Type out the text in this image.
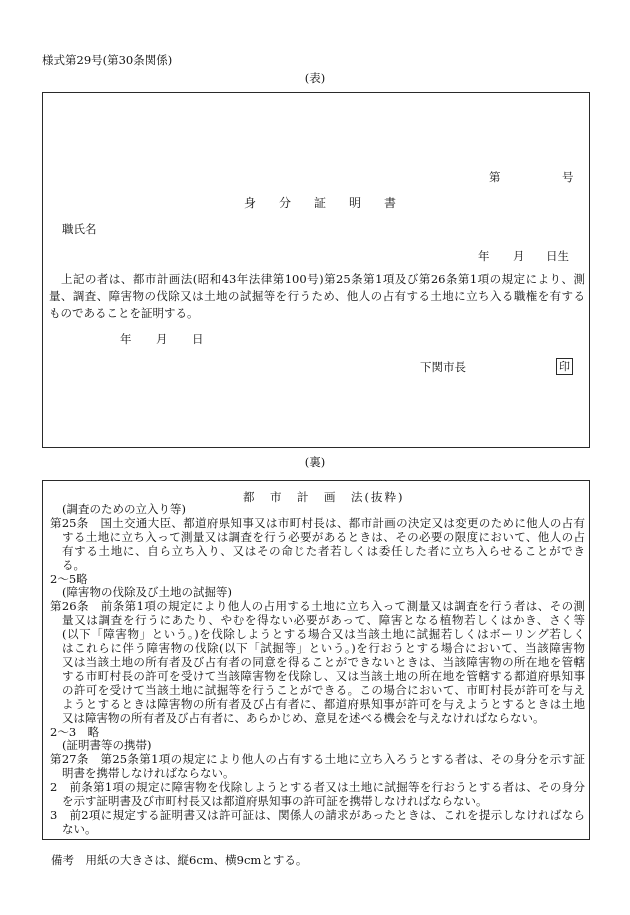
様式第29号(第30条関係)
(表)
第	号
身　分　証　明　書
職氏名
年 月 日生
上記の者は、都市計画法(昭和43年法律第100号)第25条第1項及び第26条第1項の規定により、測
量、調査、障害物の伐除又は土地の試掘等を行うため、他人の占有する土地に立ち入る職権を有する
ものであることを証明する。
年 月 日
下関市長	印
(裏)
都　市　計　画　法(抜粋)
(調査のための立入り等)
第25条　国土交通大臣、都道府県知事又は市町村長は、都市計画の決定又は変更のために他人の占有
する土地に立ち入って測量又は調査を行う必要があるときは、その必要の限度において、他人の占
有する土地に、自ら立ち入り、又はその命じた者若しくは委任した者に立ち入らせることができ
る。
2〜5略
(障害物の伐除及び土地の試掘等)
第26条　前条第1項の規定により他人の占用する土地に立ち入って測量又は調査を行う者は、その測
量又は調査を行うにあたり、やむを得ない必要があって、障害となる植物若しくはかき、さく等
(以下「障害物」という。)を伐除しようとする場合又は当該土地に試掘若しくはボーリング若しく
はこれらに伴う障害物の伐除(以下「試掘等」という。)を行おうとする場合において、当該障害物
又は当該土地の所有者及び占有者の同意を得ることができないときは、当該障害物の所在地を管轄
する市町村長の許可を受けて当該障害物を伐除し、又は当該土地の所在地を管轄する都道府県知事
の許可を受けて当該土地に試掘等を行うことができる。この場合において、市町村長が許可を与え
ようとするときは障害物の所有者及び占有者に、都道府県知事が許可を与えようとするときは土地
又は障害物の所有者及び占有者に、あらかじめ、意見を述べる機会を与えなければならない。
2〜3　略
(証明書等の携帯)
第27条　第25条第1項の規定により他人の占有する土地に立ち入ろうとする者は、その身分を示す証
明書を携帯しなければならない。
2　前条第1項の規定に障害物を伐除しようとする者又は土地に試掘等を行おうとする者は、その身分
を示す証明書及び市町村長又は都道府県知事の許可証を携帯しなければならない。
3　前2項に規定する証明書又は許可証は、関係人の請求があったときは、これを提示しなければなら
ない。
備考　用紙の大きさは、縦6cm、横9cmとする。
